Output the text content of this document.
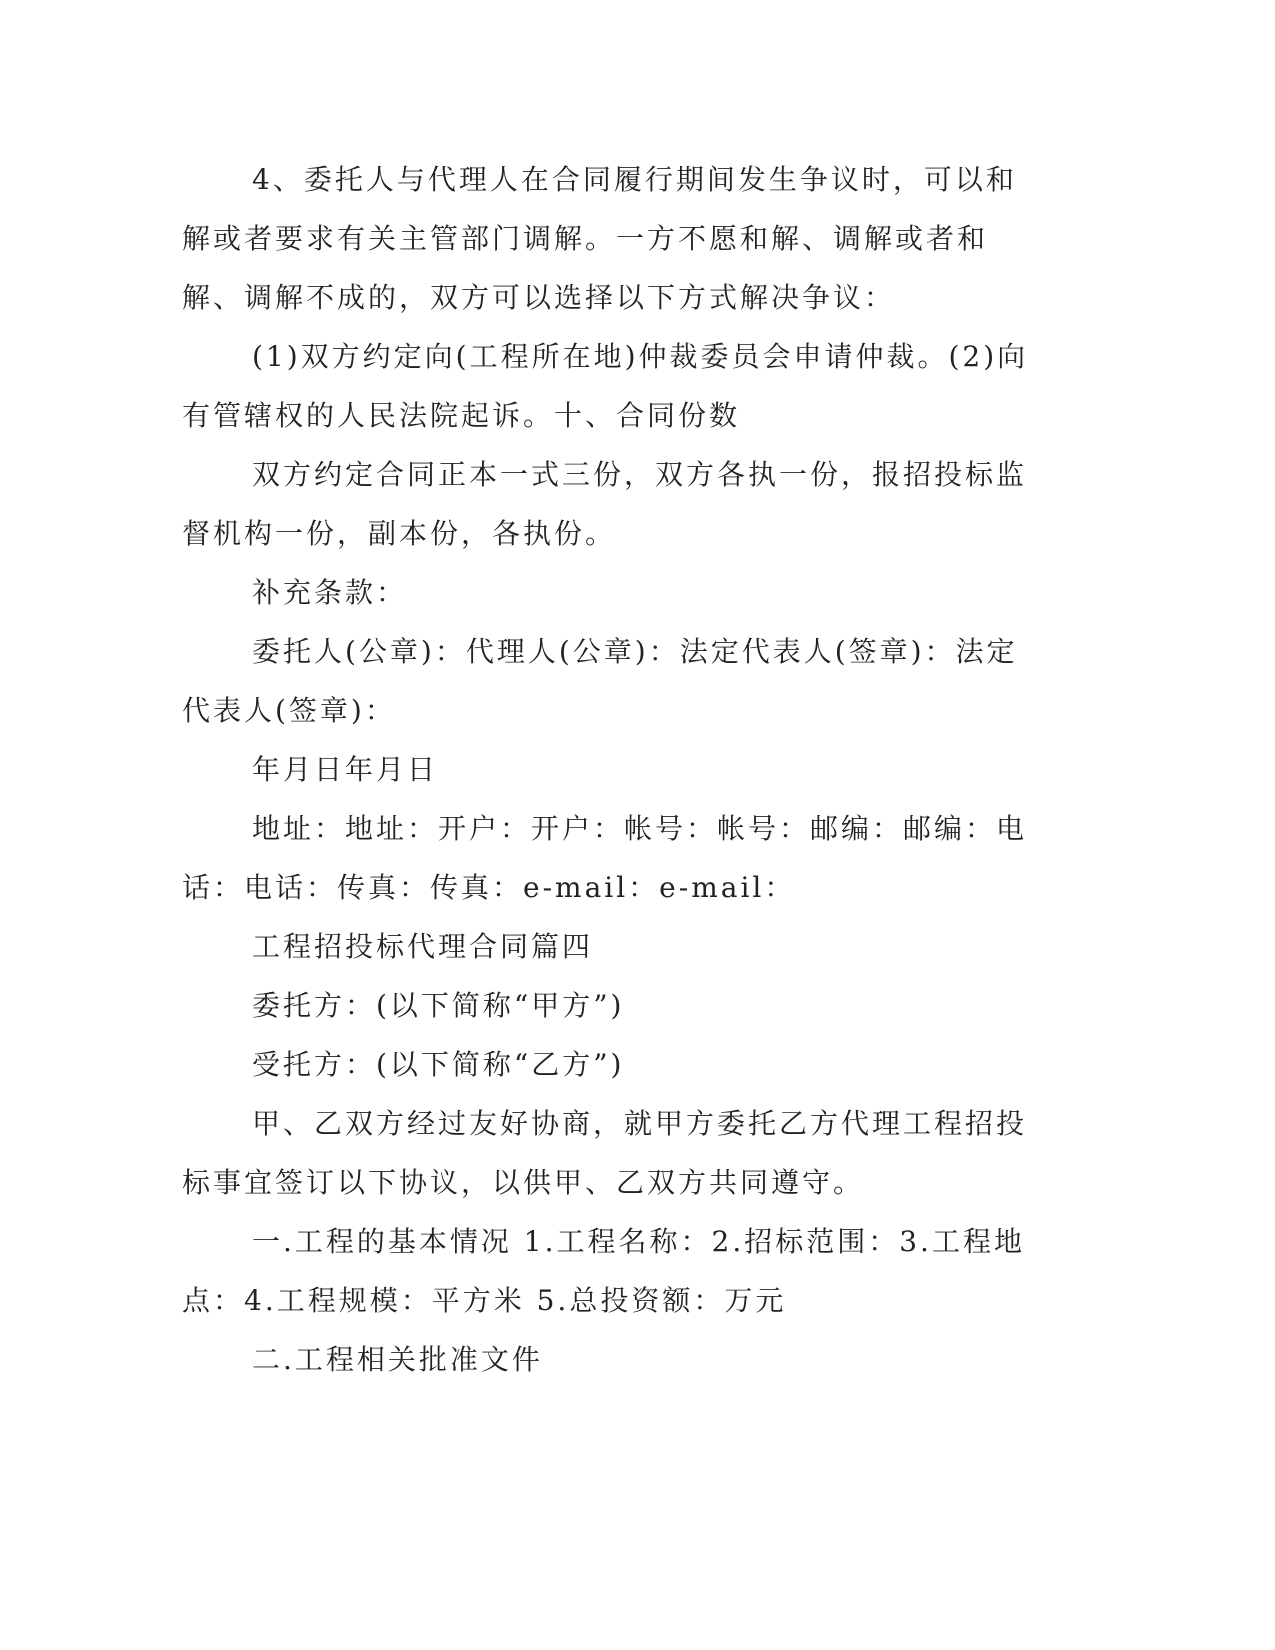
4、委托人与代理人在合同履行期间发生争议时，可以和解或者要求有关主管部门调解。一方不愿和解、调解或者和解、调解不成的，双方可以选择以下方式解决争议：

(1)双方约定向(工程所在地)仲裁委员会申请仲裁。(2)向有管辖权的人民法院起诉。十、合同份数

双方约定合同正本一式三份，双方各执一份，报招投标监督机构一份，副本份，各执份。

补充条款：

委托人(公章)：代理人(公章)：法定代表人(签章)：法定代表人(签章)：

年月日年月日

地址：地址：开户：开户：帐号：帐号：邮编：邮编：电话：电话：传真：传真：e-mail：e-mail：

工程招投标代理合同篇四

委托方：(以下简称“甲方”)

受托方：(以下简称“乙方”)

甲、乙双方经过友好协商，就甲方委托乙方代理工程招投标事宜签订以下协议，以供甲、乙双方共同遵守。

一.工程的基本情况 1.工程名称：2.招标范围：3.工程地点：4.工程规模：平方米 5.总投资额：万元

二.工程相关批准文件
